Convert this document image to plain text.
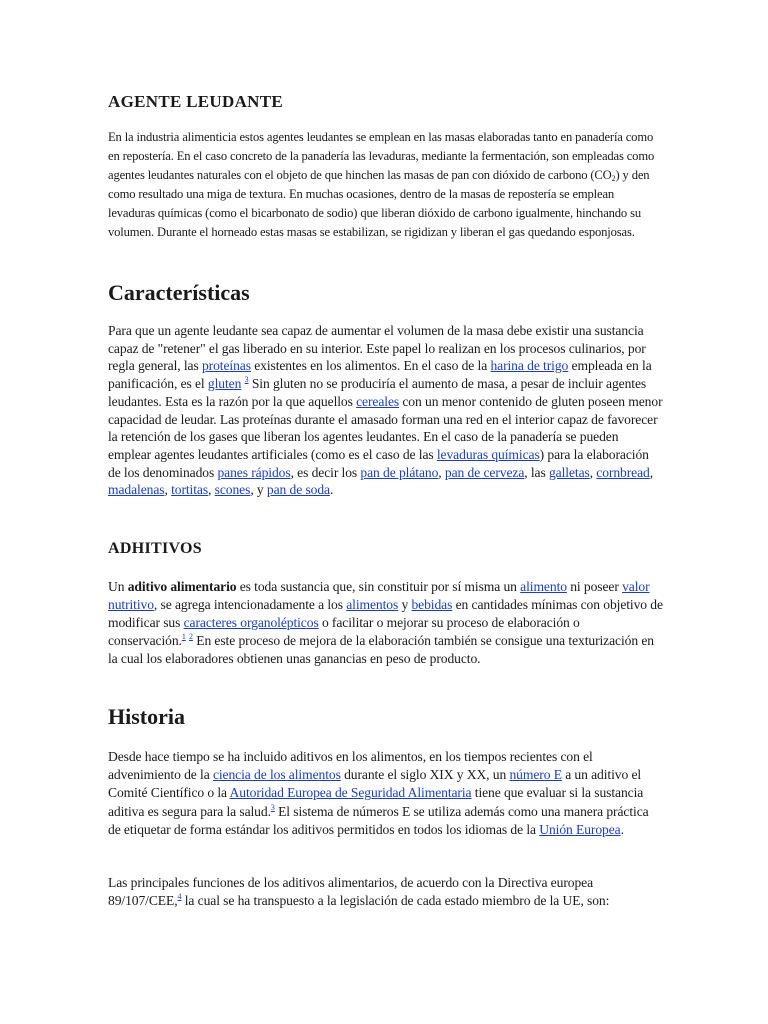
AGENTE LEUDANTE

En la industria alimenticia estos agentes leudantes se emplean en las masas elaboradas tanto en panadería como en repostería. En el caso concreto de la panadería las levaduras, mediante la fermentación, son empleadas como agentes leudantes naturales con el objeto de que hinchen las masas de pan con dióxido de carbono $(CO_2)$ y den como resultado una miga de textura. En muchas ocasiones, dentro de la masas de repostería se emplean levaduras químicas (como el bicarbonato de sodio) que liberan dióxido de carbono igualmente, hinchando su volumen. Durante el horneado estas masas se estabilizan, se rigidizan y liberan el gas quedando esponjosas.

Características

Para que un agente leudante sea capaz de aumentar el volumen de la masa debe existir una sustancia capaz de "retener" el gas liberado en su interior. Este papel lo realizan en los procesos culinarios, por regla general, las proteínas existentes en los alimentos. En el caso de la harina de trigo empleada en la panificación, es el gluten $^3$ Sin gluten no se produciría el aumento de masa, a pesar de incluir agentes leudantes. Esta es la razón por la que aquellos cereales con un menor contenido de gluten poseen menor capacidad de leudar. Las proteínas durante el amasado forman una red en el interior capaz de favorecer la retención de los gases que liberan los agentes leudantes. En el caso de la panadería se pueden emplear agentes leudantes artificiales (como es el caso de las levaduras químicas) para la elaboración de los denominados panes rápidos, es decir los pan de plátano, pan de cerveza, las galletas, cornbread, madalenas, tortitas, scones, y pan de soda.

ADHITIVOS

Un aditivo alimentario es toda sustancia que, sin constituir por sí misma un alimento ni poseer valor nutritivo, se agrega intencionadamente a los alimentos y bebidas en cantidades mínimas con objetivo de modificar sus caracteres organolépticos o facilitar o mejorar su proceso de elaboración o conservación.$^1$ $^2$ En este proceso de mejora de la elaboración también se consigue una texturización en la cual los elaboradores obtienen unas ganancias en peso de producto.

Historia

Desde hace tiempo se ha incluido aditivos en los alimentos, en los tiempos recientes con el advenimiento de la ciencia de los alimentos durante el siglo XIX y XX, un número E a un aditivo el Comité Científico o la Autoridad Europea de Seguridad Alimentaria tiene que evaluar si la sustancia aditiva es segura para la salud.$^3$ El sistema de números E se utiliza además como una manera práctica de etiquetar de forma estándar los aditivos permitidos en todos los idiomas de la Unión Europea.

Las principales funciones de los aditivos alimentarios, de acuerdo con la Directiva europea 89/107/CEE,$^4$ la cual se ha transpuesto a la legislación de cada estado miembro de la UE, son:
